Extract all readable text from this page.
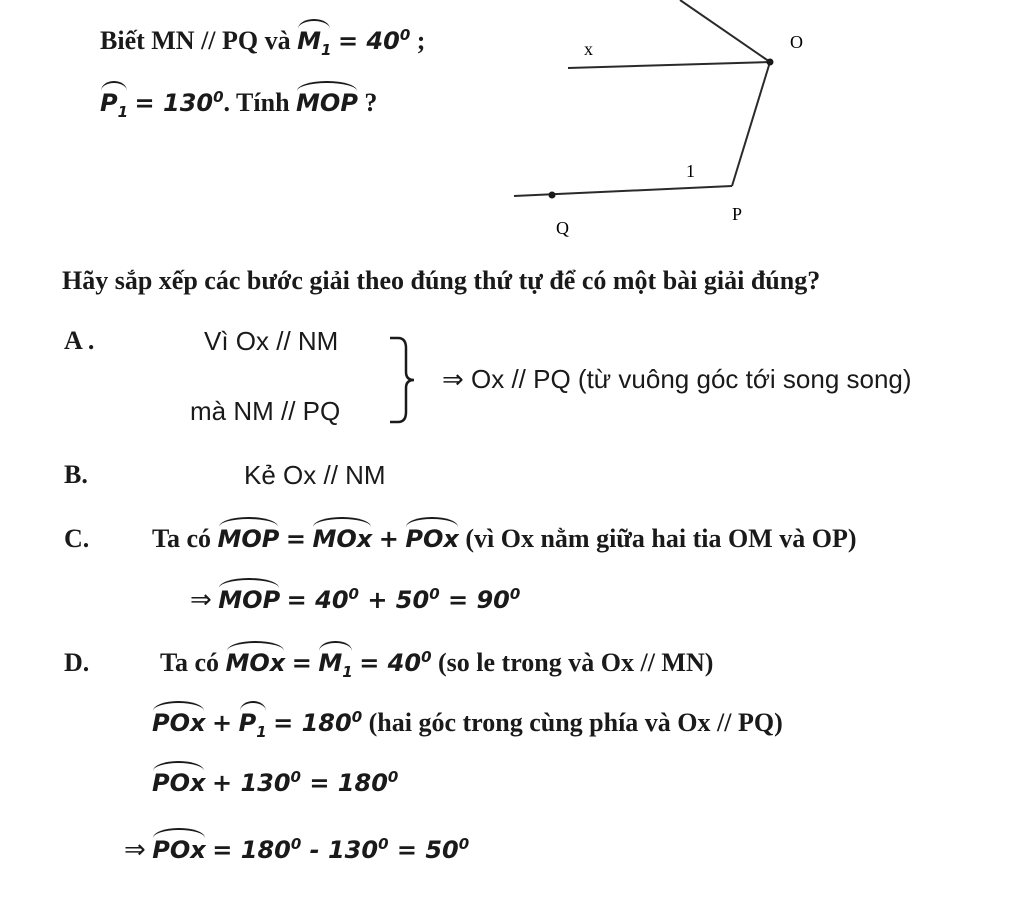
Biết MN // PQ và $M_1 = 40^0$ ;
$P_1 = 130^0$. Tính MOP ?
x	O
1
Q
P
Hãy sắp xếp các bước giải theo đúng thứ tự để có một bài giải đúng?
A .	Vì Ox // NM
mà NM // PQ
⇒ Ox // PQ (từ vuông góc tới song song)
B.	Kẻ Ox // NM
C. Ta có MOP = MOx + POx (vì Ox nằm giữa hai tia OM và OP)
⇒ MOP = $40^0 + 50^0 = 90^0$
D.	Ta có MOx = $M_1 = 40^0$ (so le trong và Ox // MN)
POx + $P_1 = 180^0$ (hai góc trong cùng phía và Ox // PQ)
POx + $130^0 = 180^0$
⇒ POx = $180^0 - 130^0 = 50^0$
